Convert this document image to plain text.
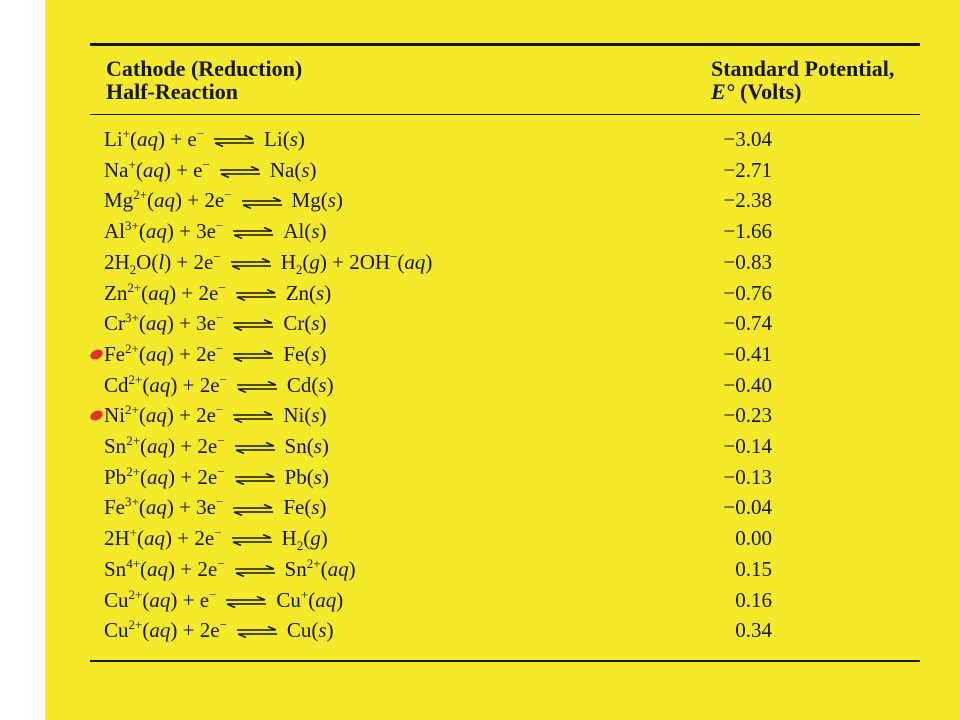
Cathode (Reduction)
Half-Reaction
Standard Potential,
E° (Volts)
Li+(aq) + e− ⇌ Li(s)	−3.04
Na+(aq) + e− ⇌ Na(s)	−2.71
$Mg^{2+}(aq) + 2e^-$ ⇌ Mg(s)	−2.38
$Al^{3+}(aq) + 3e^-$ ⇌ Al(s)	−1.66
$2H_2O(l) + 2e^-$ ⇌ $H_2(g) + 2OH^-(aq)$	−0.83
$Zn^{2+}(aq) + 2e^-$ ⇌ Zn(s)	−0.76
$Cr^{3+}(aq) + 3e^-$ ⇌ Cr(s)	−0.74
$Fe^{2+}(aq) + 2e^-$ ⇌ Fe(s)	−0.41
$Cd^{2+}(aq) + 2e^-$ ⇌ Cd(s)	−0.40
$Ni^{2+}(aq) + 2e^-$ ⇌ Ni(s)	−0.23
$Sn^{2+}(aq) + 2e^-$ ⇌ Sn(s)	−0.14
$Pb^{2+}(aq) + 2e^-$ ⇌ Pb(s)	−0.13
$Fe^{3+}(aq) + 3e^-$ ⇌ Fe(s)	−0.04
2H+(aq) + 2e− ⇌ $H_2(g)$	0.00
$Sn^{4+}(aq) + 2e^-$ ⇌ $Sn^{2+}(aq)$	0.15
$Cu^{2+}(aq) + e^-$ ⇌ Cu+(aq)	0.16
$Cu^{2+}(aq) + 2e^-$ ⇌ Cu(s)	0.34
